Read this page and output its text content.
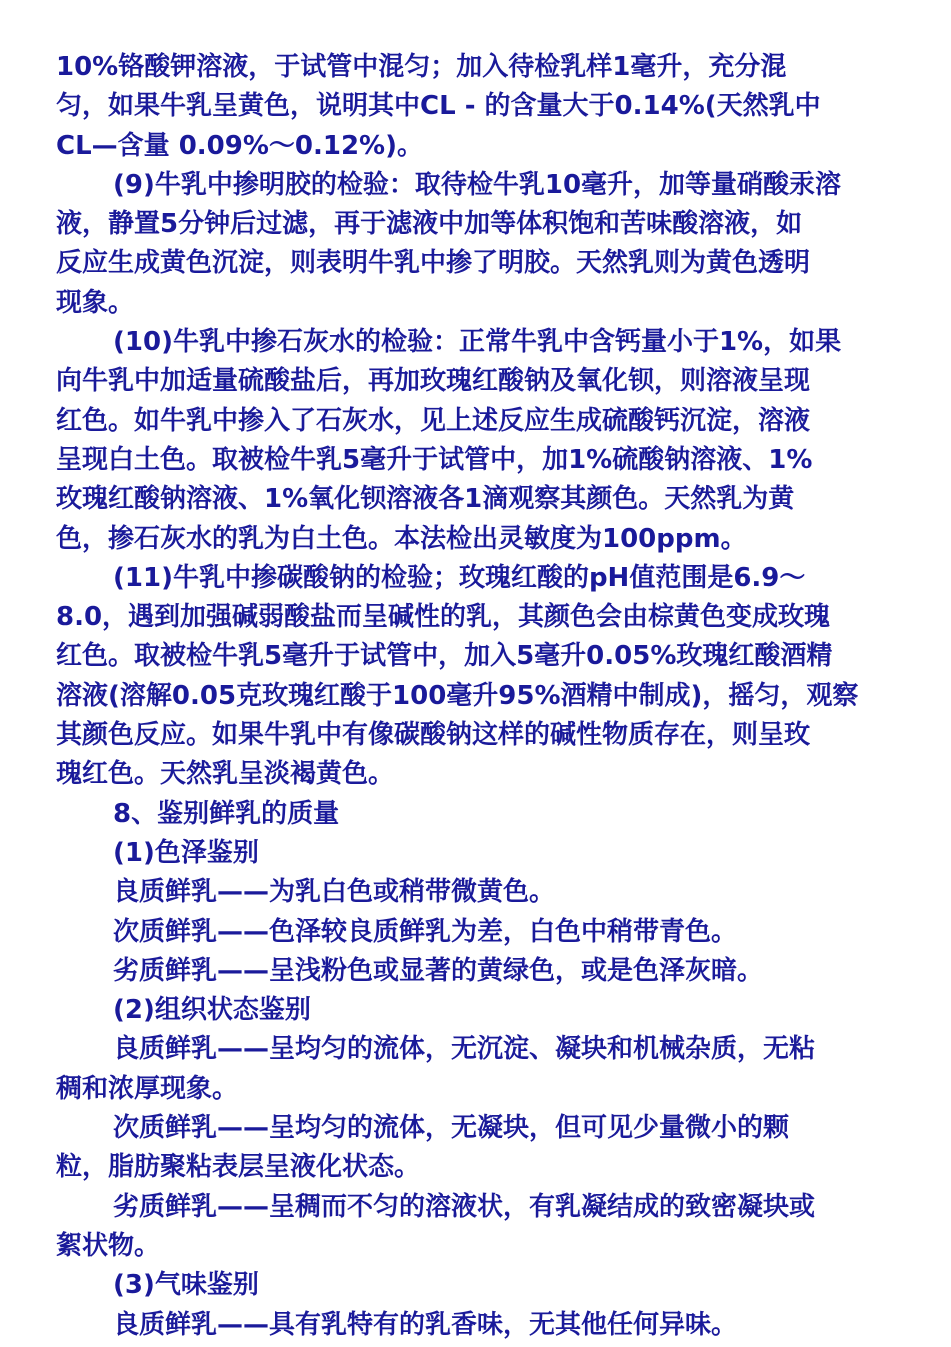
10%铬酸钾溶液，于试管中混匀；加入待检乳样1毫升，充分混

匀，如果牛乳呈黄色，说明其中CL - 的含量大于0.14%(天然乳中

CL—含量 0.09%～0.12%)。

(9)牛乳中掺明胶的检验：取待检牛乳10毫升，加等量硝酸汞溶

液，静置5分钟后过滤，再于滤液中加等体积饱和苦味酸溶液，如

反应生成黄色沉淀，则表明牛乳中掺了明胶。天然乳则为黄色透明

现象。

(10)牛乳中掺石灰水的检验：正常牛乳中含钙量小于1%，如果

向牛乳中加适量硫酸盐后，再加玫瑰红酸钠及氧化钡，则溶液呈现

红色。如牛乳中掺入了石灰水，见上述反应生成硫酸钙沉淀，溶液

呈现白土色。取被检牛乳5毫升于试管中，加1%硫酸钠溶液、1%

玫瑰红酸钠溶液、1%氧化钡溶液各1滴观察其颜色。天然乳为黄

色，掺石灰水的乳为白土色。本法检出灵敏度为100ppm。

(11)牛乳中掺碳酸钠的检验；玫瑰红酸的pH值范围是6.9～

8.0，遇到加强碱弱酸盐而呈碱性的乳，其颜色会由棕黄色变成玫瑰

红色。取被检牛乳5毫升于试管中，加入5毫升0.05%玫瑰红酸酒精

溶液(溶解0.05克玫瑰红酸于100毫升95%酒精中制成)，摇匀，观察

其颜色反应。如果牛乳中有像碳酸钠这样的碱性物质存在，则呈玫

瑰红色。天然乳呈淡褐黄色。

8、鉴别鲜乳的质量

(1)色泽鉴别

良质鲜乳——为乳白色或稍带微黄色。

次质鲜乳——色泽较良质鲜乳为差，白色中稍带青色。

劣质鲜乳——呈浅粉色或显著的黄绿色，或是色泽灰暗。

(2)组织状态鉴别

良质鲜乳——呈均匀的流体，无沉淀、凝块和机械杂质，无粘

稠和浓厚现象。

次质鲜乳——呈均匀的流体，无凝块，但可见少量微小的颗

粒，脂肪聚粘表层呈液化状态。

劣质鲜乳——呈稠而不匀的溶液状，有乳凝结成的致密凝块或

絮状物。

(3)气味鉴别

良质鲜乳——具有乳特有的乳香味，无其他任何异味。
